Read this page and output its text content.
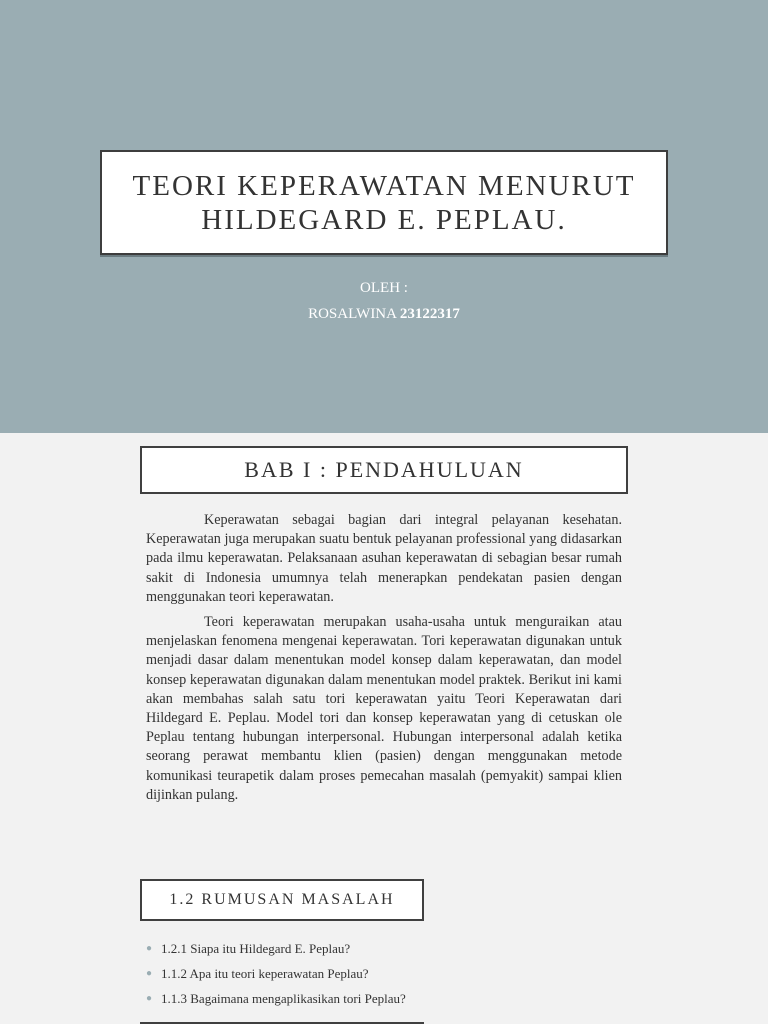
TEORI KEPERAWATAN MENURUT
HILDEGARD E. PEPLAU.
OLEH :
ROSALWINA 23122317
BAB I : PENDAHULUAN

Keperawatan sebagai bagian dari integral pelayanan kesehatan. Keperawatan juga merupakan suatu bentuk pelayanan professional yang didasarkan pada ilmu keperawatan. Pelaksanaan asuhan keperawatan di sebagian besar rumah sakit di Indonesia umumnya telah menerapkan pendekatan pasien dengan menggunakan teori keperawatan.

Teori keperawatan merupakan usaha-usaha untuk menguraikan atau menjelaskan fenomena mengenai keperawatan. Tori keperawatan digunakan untuk menjadi dasar dalam menentukan model konsep dalam keperawatan, dan model konsep keperawatan digunakan dalam menentukan model praktek. Berikut ini kami akan membahas salah satu tori keperawatan yaitu Teori Keperawatan dari Hildegard E. Peplau. Model tori dan konsep keperawatan yang di cetuskan ole Peplau tentang hubungan interpersonal. Hubungan interpersonal adalah ketika seorang perawat membantu klien (pasien) dengan menggunakan metode komunikasi teurapetik dalam proses pemecahan masalah (pemyakit) sampai klien dijinkan pulang.

1.2 RUMUSAN MASALAH
● 1.2.1 Siapa itu Hildegard E. Peplau?
● 1.1.2 Apa itu teori keperawatan Peplau?
● 1.1.3 Bagaimana mengaplikasikan tori Peplau?
